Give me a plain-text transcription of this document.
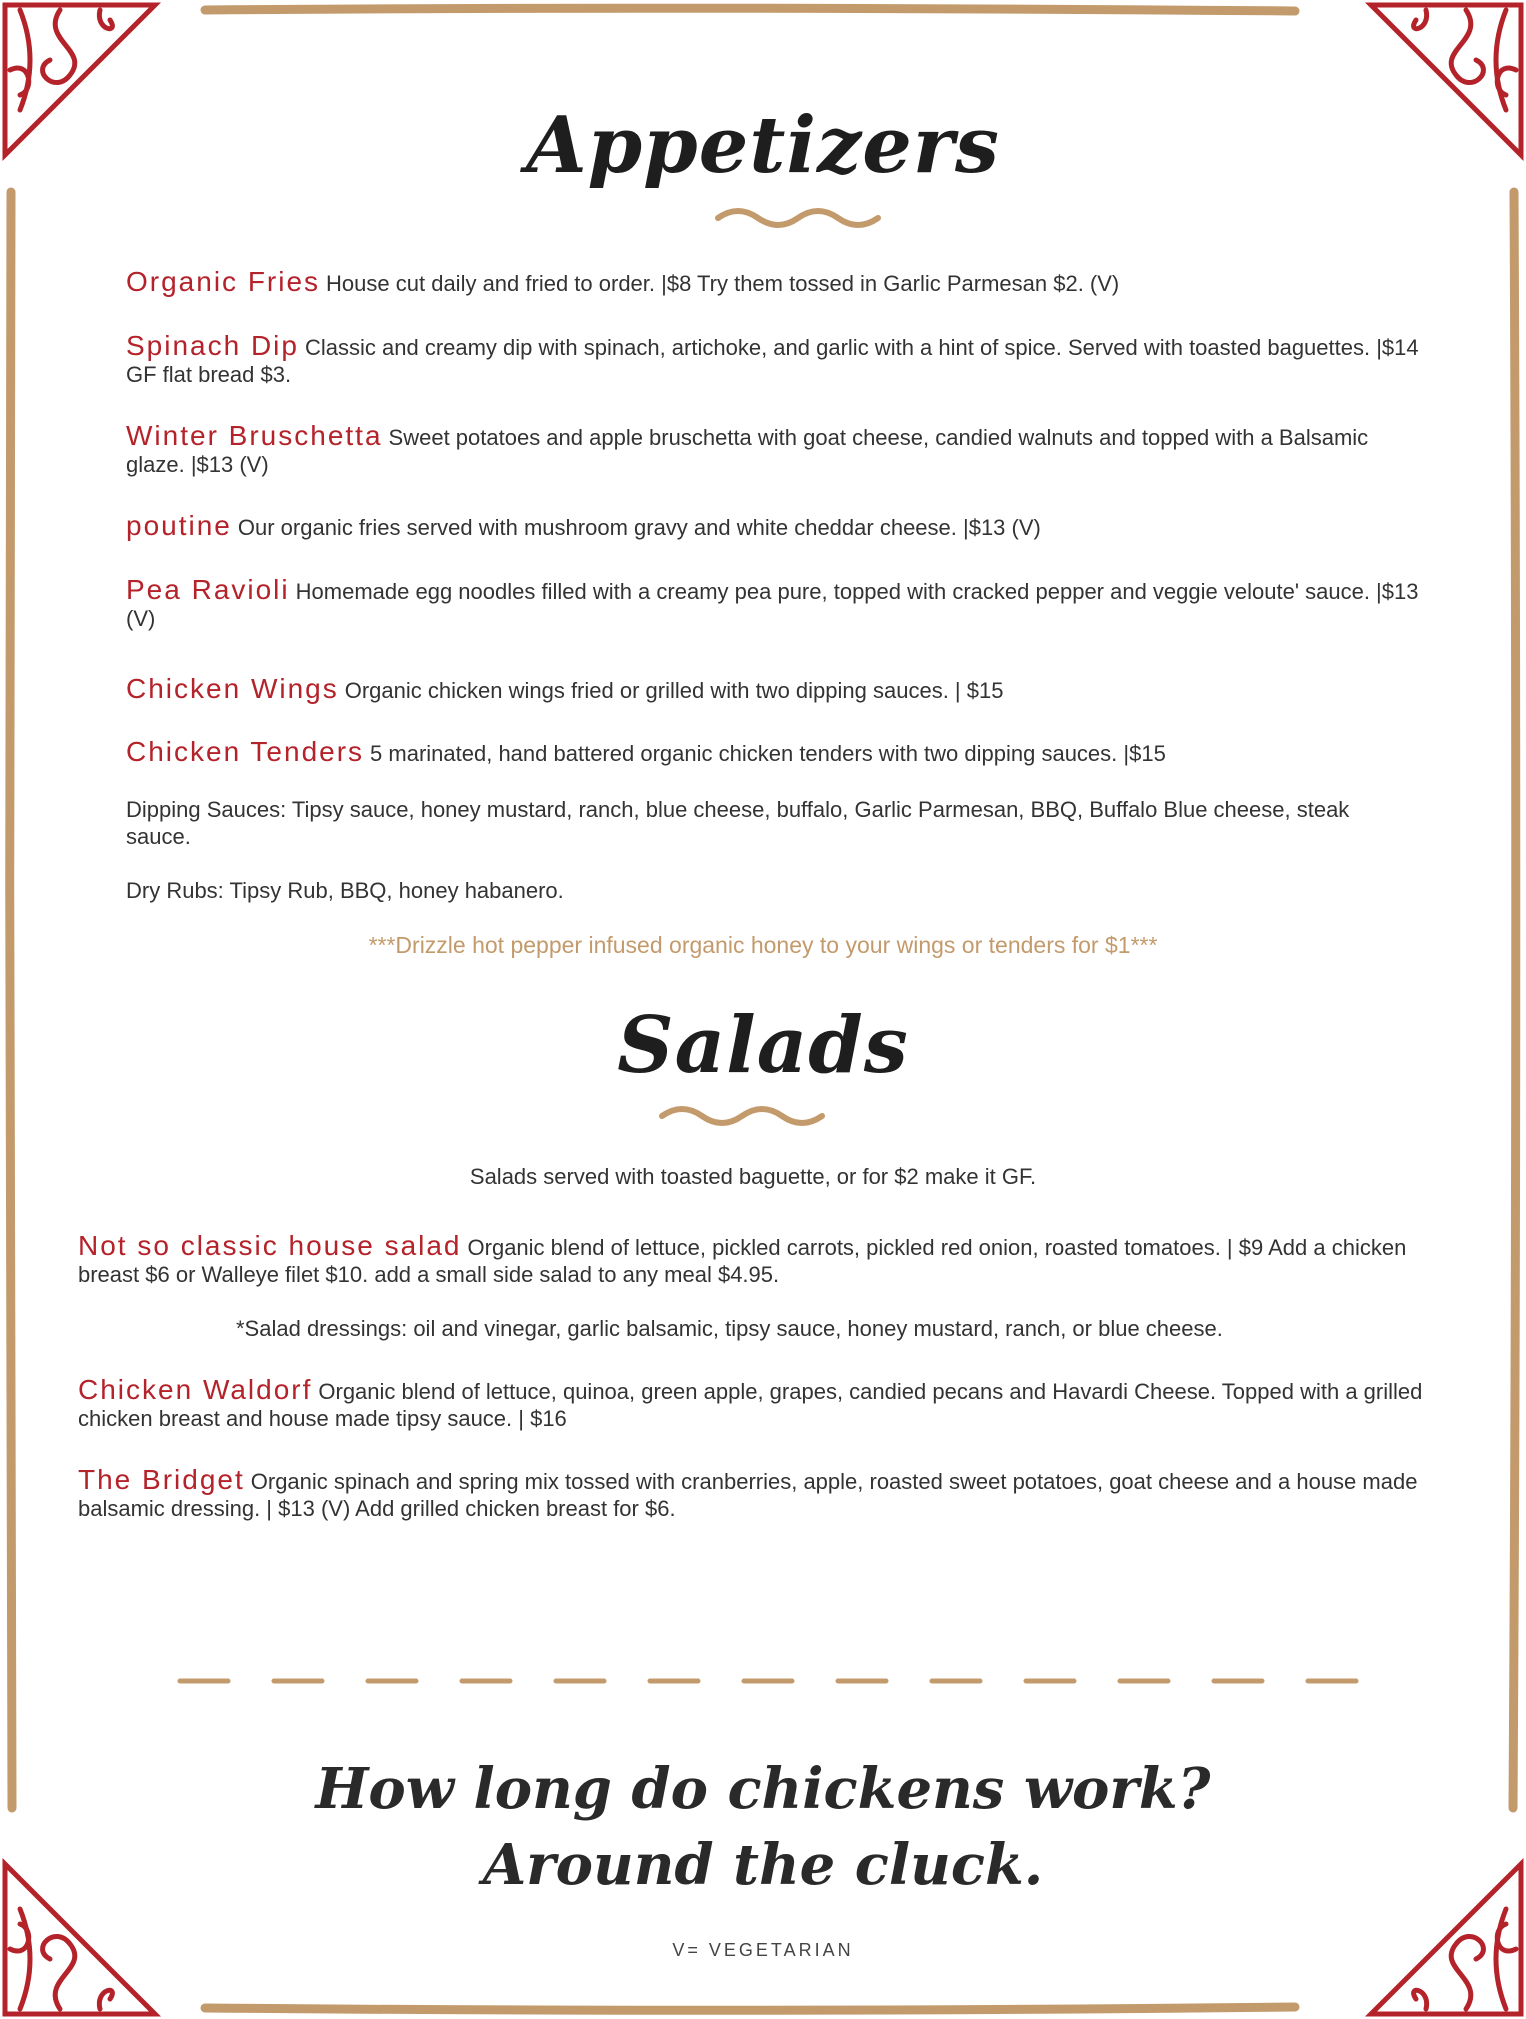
Appetizers
Organic Fries House cut daily and fried to order. |$8 Try them tossed in Garlic Parmesan $2. (V)
Spinach Dip Classic and creamy dip with spinach, artichoke, and garlic with a hint of spice. Served with toasted baguettes. |$14 GF flat bread $3.
Winter Bruschetta Sweet potatoes and apple bruschetta with goat cheese, candied walnuts and topped with a Balsamic glaze. |$13 (V)
poutine Our organic fries served with mushroom gravy and white cheddar cheese. |$13 (V)
Pea Ravioli Homemade egg noodles filled with a creamy pea pure, topped with cracked pepper and veggie veloute' sauce. |$13 (V)
Chicken Wings Organic chicken wings fried or grilled with two dipping sauces. | $15
Chicken Tenders 5 marinated, hand battered organic chicken tenders with two dipping sauces. |$15
Dipping Sauces: Tipsy sauce, honey mustard, ranch, blue cheese, buffalo, Garlic Parmesan, BBQ, Buffalo Blue cheese, steak sauce.
Dry Rubs: Tipsy Rub, BBQ, honey habanero.
***Drizzle hot pepper infused organic honey to your wings or tenders for $1***
Salads
Salads served with toasted baguette, or for $2 make it GF.
Not so classic house salad Organic blend of lettuce, pickled carrots, pickled red onion, roasted tomatoes. | $9 Add a chicken breast $6 or Walleye filet $10. add a small side salad to any meal $4.95.
*Salad dressings: oil and vinegar, garlic balsamic, tipsy sauce, honey mustard, ranch, or blue cheese.
Chicken Waldorf Organic blend of lettuce, quinoa, green apple, grapes, candied pecans and Havardi Cheese. Topped with a grilled chicken breast and house made tipsy sauce. | $16
The Bridget Organic spinach and spring mix tossed with cranberries, apple, roasted sweet potatoes, goat cheese and a house made balsamic dressing. | $13 (V) Add grilled chicken breast for $6.
How long do chickens work?
Around the cluck.
V= VEGETARIAN
